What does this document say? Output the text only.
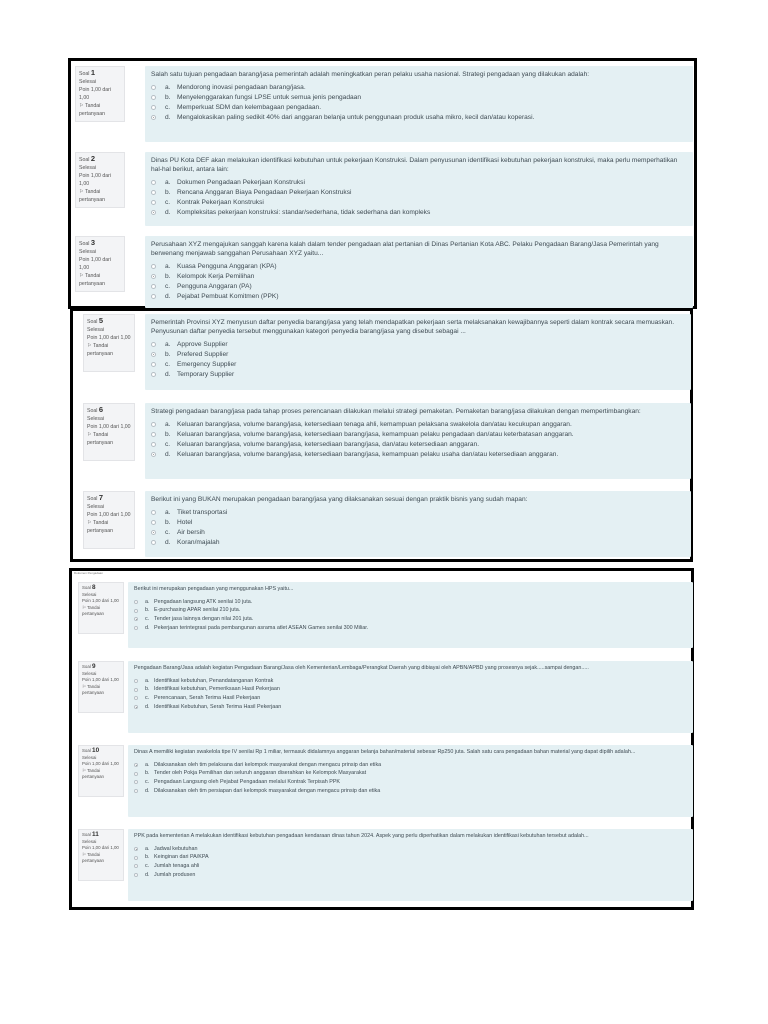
Soal 1
Selesai
Poin 1,00 dari 1,00
⚐ Tandai pertanyaan
Salah satu tujuan pengadaan barang/jasa pemerintah adalah meningkatkan peran pelaku usaha nasional. Strategi pengadaan yang dilakukan adalah:
a. Mendorong inovasi pengadaan barang/jasa.
b. Menyelenggarakan fungsi LPSE untuk semua jenis pengadaan
c.	Memperkuat SDM dan kelembagaan pengadaan.
d. Mengalokasikan paling sedikit 40% dari anggaran belanja untuk penggunaan produk usaha mikro, kecil dan/atau koperasi.
Soal 2
Selesai
Poin 1,00 dari 1,00
⚐ Tandai pertanyaan
Dinas PU Kota DEF akan melakukan identifikasi kebutuhan untuk pekerjaan Konstruksi. Dalam penyusunan identifikasi kebutuhan pekerjaan konstruksi, maka perlu memperhatikan hal-hal berikut, antara lain:
a. Dokumen Pengadaan Pekerjaan Konstruksi
b. Rencana Anggaran Biaya Pengadaan Pekerjaan Konstruksi
c.	Kontrak Pekerjaan Konstruksi
d. Kompleksitas pekerjaan konstruksi: standar/sederhana, tidak sederhana dan kompleks
Soal 3
Selesai
Poin 1,00 dari 1,00
⚐ Tandai pertanyaan
Perusahaan XYZ mengajukan sanggah karena kalah dalam tender pengadaan alat pertanian di Dinas Pertanian Kota ABC. Pelaku Pengadaan Barang/Jasa Pemerintah yang berwenang menjawab sanggahan Perusahaan XYZ yaitu...
a. Kuasa Pengguna Anggaran (KPA)
b. Kelompok Kerja Pemilihan
c.	Pengguna Anggaran (PA)
d. Pejabat Pembuat Komitmen (PPK)
Soal 5
Selesai
Poin 1,00 dari 1,00
⚐ Tandai pertanyaan
Pemerintah Provinsi XYZ menyusun daftar penyedia barang/jasa yang telah mendapatkan pekerjaan serta melaksanakan kewajibannya seperti dalam kontrak secara memuaskan. Penyusunan daftar penyedia tersebut menggunakan kategori penyedia barang/jasa yang disebut sebagai ...
a. Approve Supplier
b. Prefered Supplier
c.	Emergency Supplier
d. Temporary Supplier
Soal 6
Selesai
Poin 1,00 dari 1,00
⚐ Tandai pertanyaan
Strategi pengadaan barang/jasa pada tahap proses perencanaan dilakukan melalui strategi pemaketan. Pemaketan barang/jasa dilakukan dengan mempertimbangkan:
a. Keluaran barang/jasa, volume barang/jasa, ketersediaan tenaga ahli, kemampuan pelaksana swakelola dan/atau kecukupan anggaran.
b. Keluaran barang/jasa, volume barang/jasa, ketersediaan barang/jasa, kemampuan pelaku pengadaan dan/atau keterbatasan anggaran.
c.	Keluaran barang/jasa, volume barang/jasa, ketersediaan barang/jasa, dan/atau ketersediaan anggaran.
d. Keluaran barang/jasa, volume barang/jasa, ketersediaan barang/jasa, kemampuan pelaku usaha dan/atau ketersediaan anggaran.
Soal 7
Selesai
Poin 1,00 dari 1,00
⚐ Tandai pertanyaan
Berikut ini yang BUKAN merupakan pengadaan barang/jasa yang dilaksanakan sesuai dengan praktik bisnis yang sudah mapan:
a. Tiket transportasi
b. Hotel
c.	Air bersih
d. Koran/majalah
Dokumen Pengadaan
Soal 8
Selesai
Poin 1,00 dari 1,00
⚐ Tandai pertanyaan
Berikut ini merupakan pengadaan yang menggunakan HPS yaitu...
a. Pengadaan langsung ATK senilai 10 juta.
b. E-purchasing APAR senilai 210 juta.
c. Tender jasa lainnya dengan nilai 201 juta.
d. Pekerjaan terintegrasi pada pembangunan asrama atlet ASEAN Games senilai 300 Miliar.
Soal 9
Selesai
Poin 1,00 dari 1,00
⚐ Tandai pertanyaan
Pengadaan Barang/Jasa adalah kegiatan Pengadaan Barang/Jasa oleh Kementerian/Lembaga/Perangkat Daerah yang dibiayai oleh APBN/APBD yang prosesnya sejak.....sampai dengan.....
a. Identifikasi kebutuhan, Penandatanganan Kontrak
b. Identifikasi kebutuhan, Pemeriksaan Hasil Pekerjaan
c. Perencanaan, Serah Terima Hasil Pekerjaan
d. Identifikasi Kebutuhan, Serah Terima Hasil Pekerjaan
Soal 10
Selesai
Poin 1,00 dari 1,00
⚐ Tandai pertanyaan
Dinas A memiliki kegiatan swakelola tipe IV senilai Rp 1 miliar, termasuk didalamnya anggaran belanja bahan/material sebesar Rp250 juta. Salah satu cara pengadaan bahan material yang dapat dipilih adalah...
a. Dilaksanakan oleh tim pelaksana dari kelompok masyarakat dengan mengacu prinsip dan etika
b. Tender oleh Pokja Pemilihan dan seluruh anggaran diserahkan ke Kelompok Masyarakat
c. Pengadaan Langsung oleh Pejabat Pengadaan melalui Kontrak Terpisah PPK
d. Dilaksanakan oleh tim persiapan dari kelompok masyarakat dengan mengacu prinsip dan etika
Soal 11
Selesai
Poin 1,00 dari 1,00
⚐ Tandai pertanyaan
PPK pada kementerian A melakukan identifikasi kebutuhan pengadaan kendaraan dinas tahun 2024. Aspek yang perlu diperhatikan dalam melakukan identifikasi kebutuhan tersebut adalah...
a. Jadwal kebutuhan
b. Keinginan dari PA/KPA
c. Jumlah tenaga ahli
d. Jumlah produsen
